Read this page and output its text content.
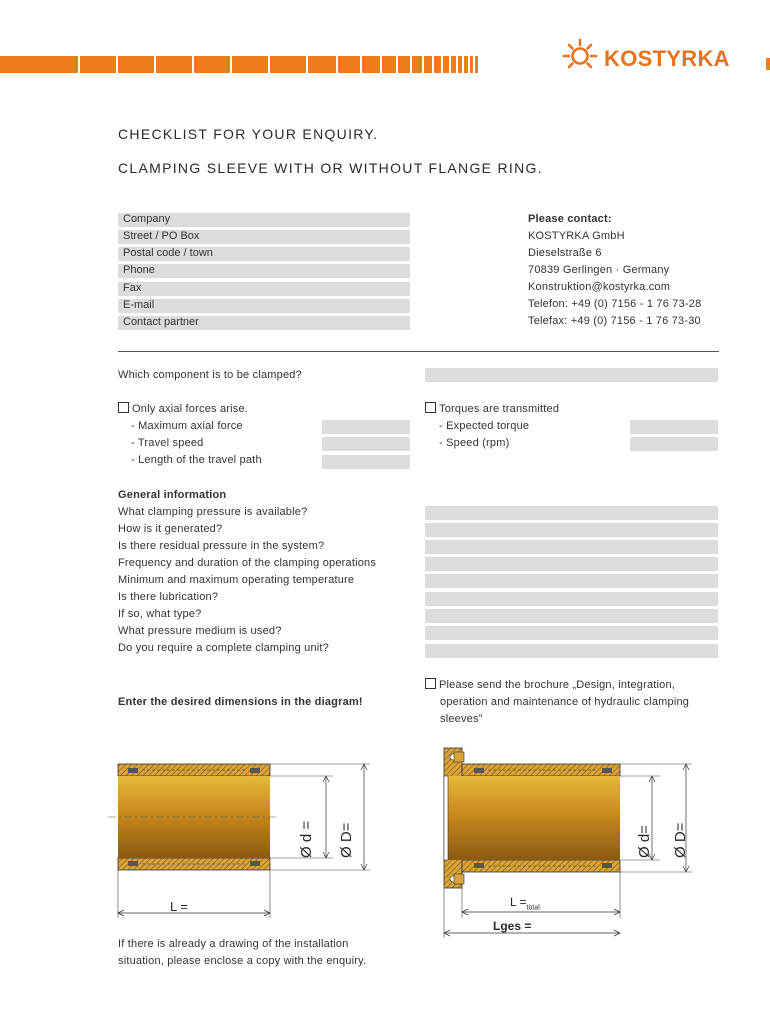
KOSTYRKA
CHECKLIST FOR YOUR ENQUIRY.
CLAMPING SLEEVE WITH OR WITHOUT FLANGE RING.
Company
Street / PO Box
Postal code / town
Phone
Fax
E-mail
Contact partner
Please contact:
KOSTYRKA GmbH
Dieselstraße 6
70839 Gerlingen · Germany
Konstruktion@kostyrka.com
Telefon: +49 (0) 7156 - 1 76 73-28
Telefax: +49 (0) 7156 - 1 76 73-30
Which component is to be clamped?
Only axial forces arise.
- Maximum axial force
- Travel speed
- Length of the travel path
Torques are transmitted
- Expected torque
- Speed (rpm)
General information
What clamping pressure is available?
How is it generated?
Is there residual pressure in the system?
Frequency and duration of the clamping operations
Minimum and maximum operating temperature
Is there lubrication?
If so, what type?
What pressure medium is used?
Do you require a complete clamping unit?
Please send the brochure „Design, integration,
operation and maintenance of hydraulic clamping
sleeves”
Enter the desired dimensions in the diagram!
Ø d = Ø D=
L =
Ø d= Ø D=
$L =_{total}$
Lges =
If there is already a drawing of the installation
situation, please enclose a copy with the enquiry.
